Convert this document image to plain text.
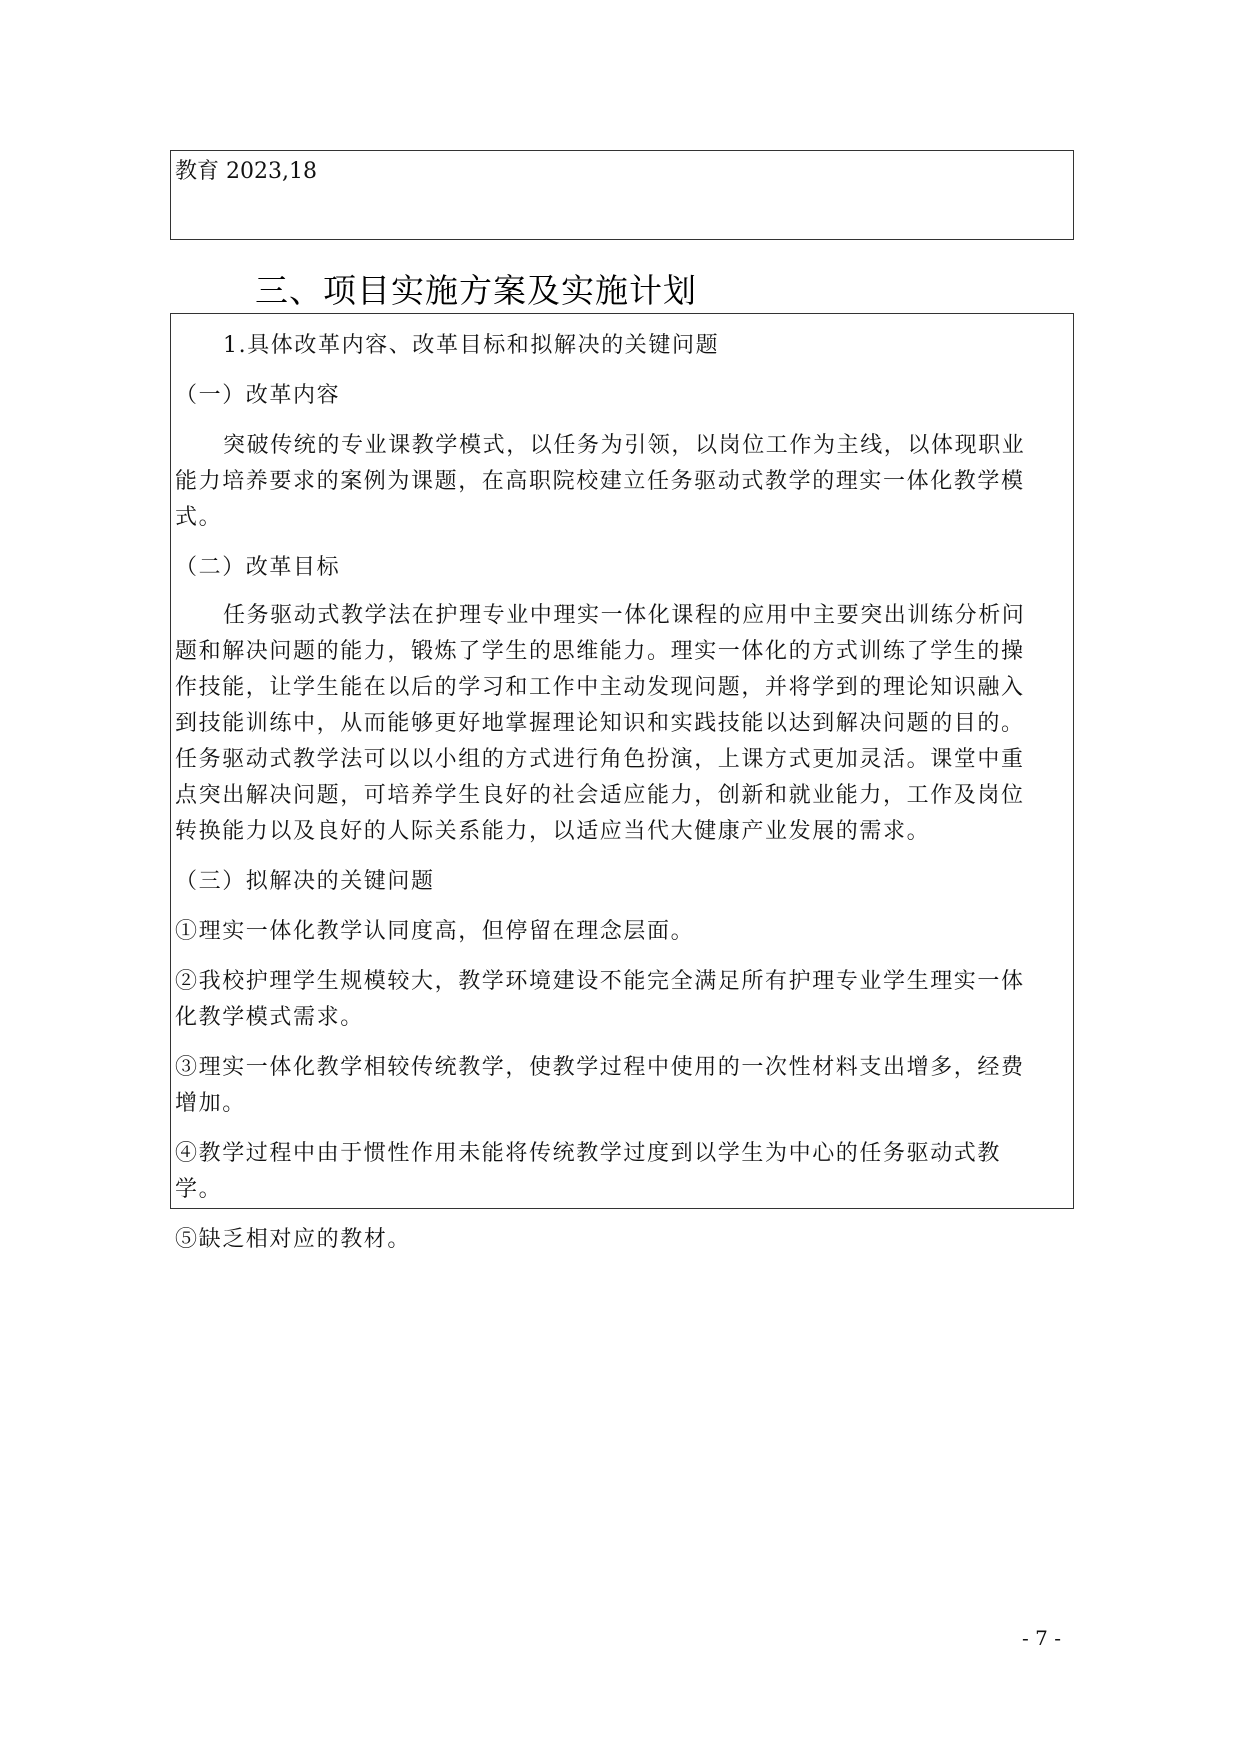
教育 2023,18
三、项目实施方案及实施计划
1.具体改革内容、改革目标和拟解决的关键问题
（一）改革内容
突破传统的专业课教学模式，以任务为引领，以岗位工作为主线，以体现职业
能力培养要求的案例为课题，在高职院校建立任务驱动式教学的理实一体化教学模
式。
（二）改革目标
任务驱动式教学法在护理专业中理实一体化课程的应用中主要突出训练分析问
题和解决问题的能力，锻炼了学生的思维能力。理实一体化的方式训练了学生的操
作技能，让学生能在以后的学习和工作中主动发现问题，并将学到的理论知识融入
到技能训练中，从而能够更好地掌握理论知识和实践技能以达到解决问题的目的。
任务驱动式教学法可以以小组的方式进行角色扮演，上课方式更加灵活。课堂中重
点突出解决问题，可培养学生良好的社会适应能力，创新和就业能力，工作及岗位
转换能力以及良好的人际关系能力，以适应当代大健康产业发展的需求。
（三）拟解决的关键问题
①理实一体化教学认同度高，但停留在理念层面。
②我校护理学生规模较大，教学环境建设不能完全满足所有护理专业学生理实一体
化教学模式需求。
③理实一体化教学相较传统教学，使教学过程中使用的一次性材料支出增多，经费
增加。
④教学过程中由于惯性作用未能将传统教学过度到以学生为中心的任务驱动式教
学。
⑤缺乏相对应的教材。
- 7 -
